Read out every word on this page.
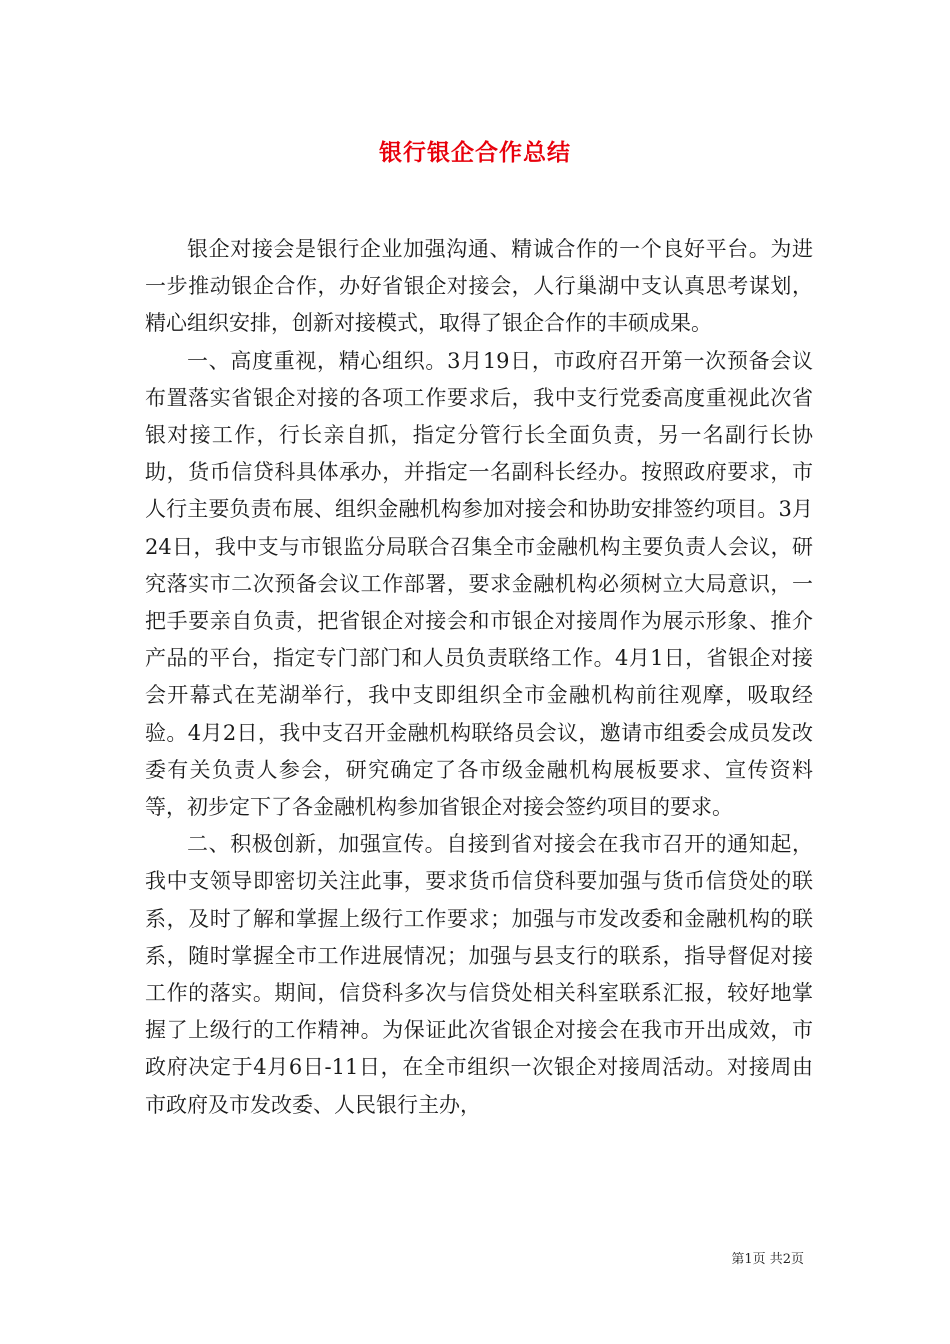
银行银企合作总结

银企对接会是银行企业加强沟通、精诚合作的一个良好平台。为进一步推动银企合作，办好省银企对接会，人行巢湖中支认真思考谋划，精心组织安排，创新对接模式，取得了银企合作的丰硕成果。

一、高度重视，精心组织。3月19日，市政府召开第一次预备会议布置落实省银企对接的各项工作要求后，我中支行党委高度重视此次省银对接工作，行长亲自抓，指定分管行长全面负责，另一名副行长协助，货币信贷科具体承办，并指定一名副科长经办。按照政府要求，市人行主要负责布展、组织金融机构参加对接会和协助安排签约项目。3月24日，我中支与市银监分局联合召集全市金融机构主要负责人会议，研究落实市二次预备会议工作部署，要求金融机构必须树立大局意识，一把手要亲自负责，把省银企对接会和市银企对接周作为展示形象、推介产品的平台，指定专门部门和人员负责联络工作。4月1日，省银企对接会开幕式在芜湖举行，我中支即组织全市金融机构前往观摩，吸取经验。4月2日，我中支召开金融机构联络员会议，邀请市组委会成员发改委有关负责人参会，研究确定了各市级金融机构展板要求、宣传资料等，初步定下了各金融机构参加省银企对接会签约项目的要求。

二、积极创新，加强宣传。自接到省对接会在我市召开的通知起，我中支领导即密切关注此事，要求货币信贷科要加强与货币信贷处的联系，及时了解和掌握上级行工作要求；加强与市发改委和金融机构的联系，随时掌握全市工作进展情况；加强与县支行的联系，指导督促对接工作的落实。期间，信贷科多次与信贷处相关科室联系汇报，较好地掌握了上级行的工作精神。为保证此次省银企对接会在我市开出成效，市政府决定于4月6日-11日，在全市组织一次银企对接周活动。对接周由市政府及市发改委、人民银行主办，

第1页 共2页
